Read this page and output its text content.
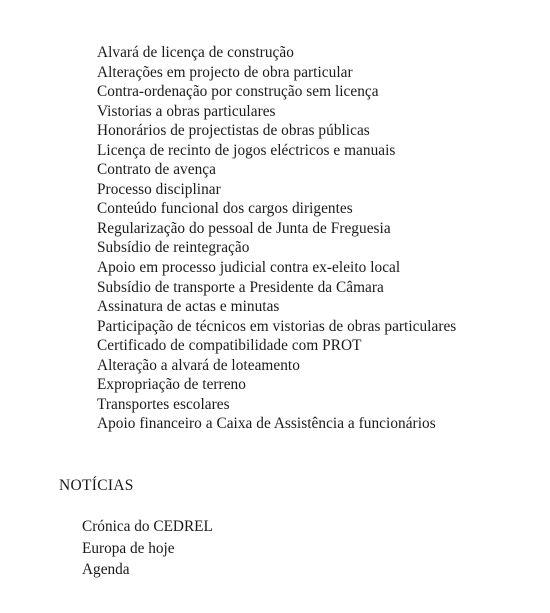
Alvará de licença de construção
Alterações em projecto de obra particular
Contra-ordenação por construção sem licença
Vistorias a obras particulares
Honorários de projectistas de obras públicas
Licença de recinto de jogos eléctricos e manuais
Contrato de avença
Processo disciplinar
Conteúdo funcional dos cargos dirigentes
Regularização do pessoal de Junta de Freguesia
Subsídio de reintegração
Apoio em processo judicial contra ex-eleito local
Subsídio de transporte a Presidente da Câmara
Assinatura de actas e minutas
Participação de técnicos em vistorias de obras particulares
Certificado de compatibilidade com PROT
Alteração a alvará de loteamento
Expropriação de terreno
Transportes escolares
Apoio financeiro a Caixa de Assistência a funcionários
NOTÍCIAS
Crónica do CEDREL
Europa de hoje
Agenda
